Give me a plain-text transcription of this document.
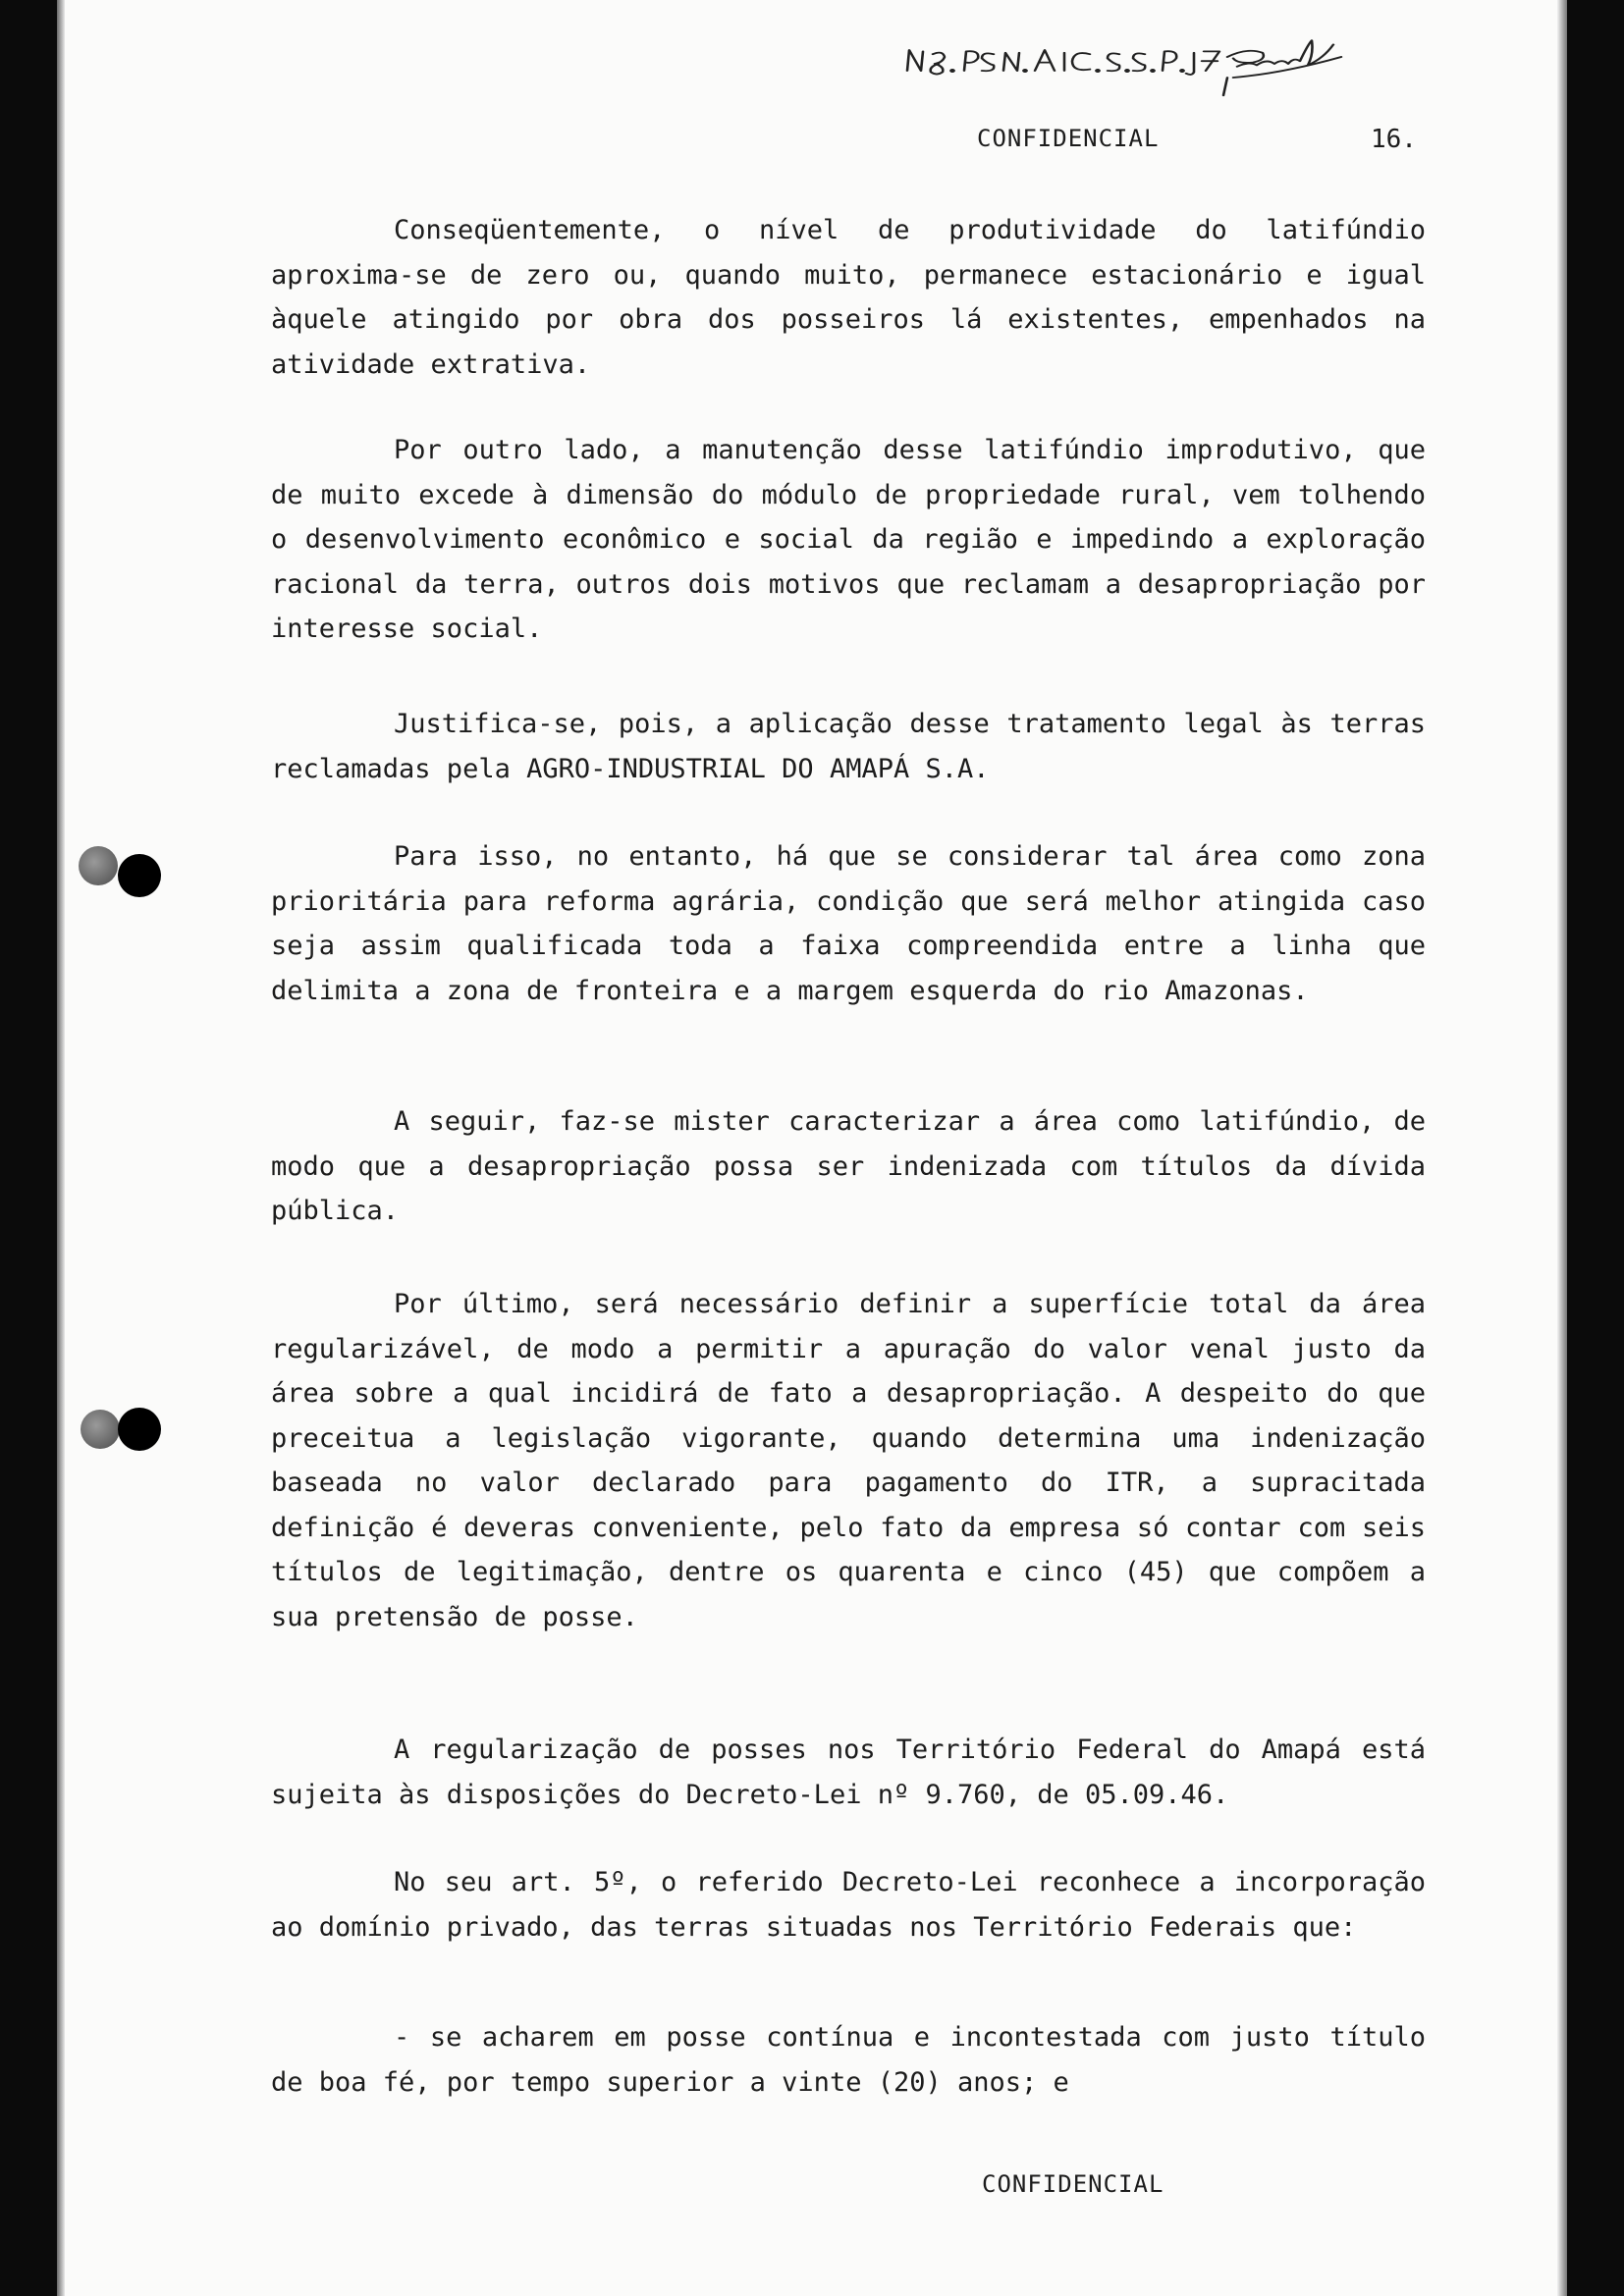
CONFIDENCIAL	16.

Conseqüentemente, o nível de produtividade do latifúndio aproxima-se de zero ou, quando muito, permanece estacionário e igual àquele atingido por obra dos posseiros lá existentes, empenhados na atividade extrativa.

Por outro lado, a manutenção desse latifúndio improdutivo, que de muito excede à dimensão do módulo de propriedade rural, vem tolhendo o desenvolvimento econômico e social da região e impedindo a exploração racional da terra, outros dois motivos que reclamam a desapropriação por interesse social.

Justifica-se, pois, a aplicação desse tratamento legal às terras reclamadas pela AGRO-INDUSTRIAL DO AMAPÁ S.A.

Para isso, no entanto, há que se considerar tal área como zona prioritária para reforma agrária, condição que será melhor atingida caso seja assim qualificada toda a faixa compreendida entre a linha que delimita a zona de fronteira e a margem esquerda do rio Amazonas.

A seguir, faz-se mister caracterizar a área como latifúndio, de modo que a desapropriação possa ser indenizada com títulos da dívida pública.

Por último, será necessário definir a superfície total da área regularizável, de modo a permitir a apuração do valor venal justo da área sobre a qual incidirá de fato a desapropriação. A despeito do que preceitua a legislação vigorante, quando determina uma indenização baseada no valor declarado para pagamento do ITR, a supracitada definição é deveras conveniente, pelo fato da empresa só contar com seis títulos de legitimação, dentre os quarenta e cinco (45) que compõem a sua pretensão de posse.

A regularização de posses nos Território Federal do Amapá está sujeita às disposições do Decreto-Lei nº 9.760, de 05.09.46.

No seu art. 5º, o referido Decreto-Lei reconhece a incorporação ao domínio privado, das terras situadas nos Território Federais que:

- se acharem em posse contínua e incontestada com justo título de boa fé, por tempo superior a vinte (20) anos; e

CONFIDENCIAL
